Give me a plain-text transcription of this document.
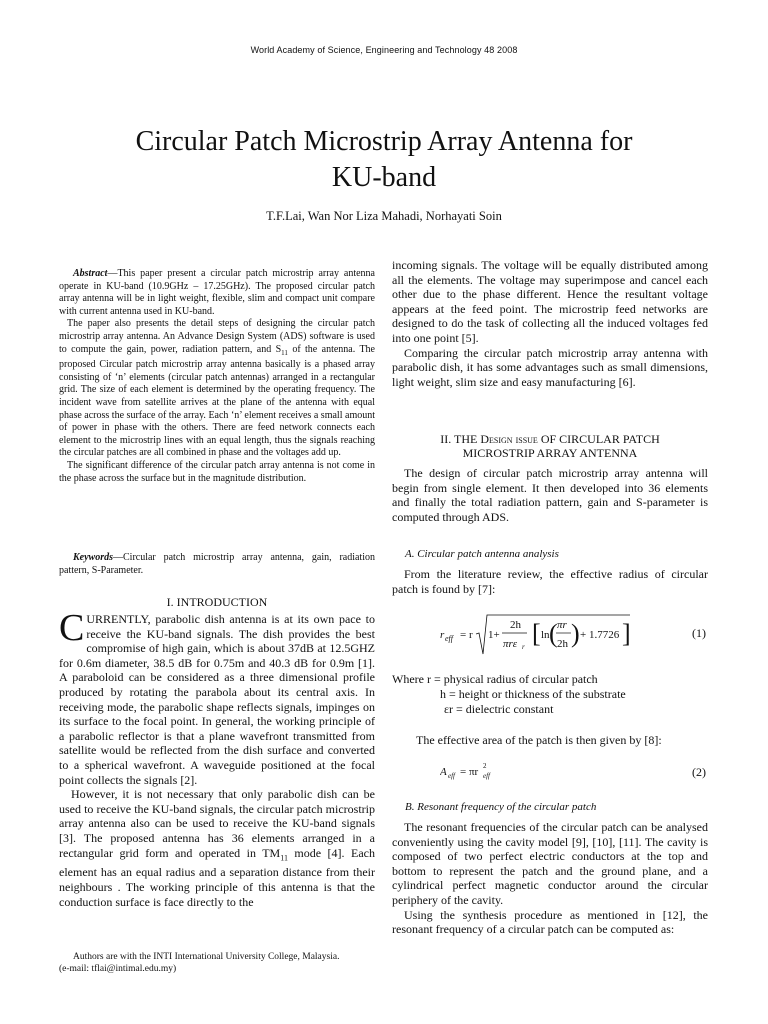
World Academy of Science, Engineering and Technology 48 2008
Circular Patch Microstrip Array Antenna for
KU-band
T.F.Lai, Wan Nor Liza Mahadi, Norhayati Soin

Abstract—This paper present a circular patch microstrip array antenna operate in KU-band (10.9GHz – 17.25GHz). The proposed circular patch array antenna will be in light weight, flexible, slim and compact unit compare with current antenna used in KU-band.

The paper also presents the detail steps of designing the circular patch microstrip array antenna. An Advance Design System (ADS) software is used to compute the gain, power, radiation pattern, and $S_{11}$ of the antenna. The proposed Circular patch microstrip array antenna basically is a phased array consisting of ‘n’ elements (circular patch antennas) arranged in a rectangular grid. The size of each element is determined by the operating frequency. The incident wave from satellite arrives at the plane of the antenna with equal phase across the surface of the array. Each ‘n’ element receives a small amount of power in phase with the others. There are feed network connects each element to the microstrip lines with an equal length, thus the signals reaching the circular patches are all combined in phase and the voltages add up.

The significant difference of the circular patch array antenna is not come in the phase across the surface but in the magnitude distribution.

Keywords—Circular patch microstrip array antenna, gain, radiation pattern, S-Parameter.

I. INTRODUCTION

CURRENTLY, parabolic dish antenna is at its own pace to receive the KU-band signals. The dish provides the best compromise of high gain, which is about 37dB at 12.5GHZ for 0.6m diameter, 38.5 dB for 0.75m and 40.3 dB for 0.9m [1]. A paraboloid can be considered as a three dimensional profile produced by rotating the parabola about its central axis. In receiving mode, the parabolic shape reflects signals, impinges on its surface to the focal point. In general, the working principle of a parabolic reflector is that a plane wavefront transmitted from satellite would be reflected from the dish surface and converted to a spherical wavefront. A waveguide positioned at the focal point collects the signals [2].

However, it is not necessary that only parabolic dish can be used to receive the KU-band signals, the circular patch microstrip array antenna also can be used to receive the KU-band signals [3]. The proposed antenna has 36 elements arranged in a rectangular grid form and operated in $TM_{11}$ mode [4]. Each element has an equal radius and a separation distance from their neighbours . The working principle of this antenna is that the conduction surface is face directly to the

Authors are with the INTI International University College, Malaysia.

(e-mail: tflai@intimal.edu.my)

incoming signals. The voltage will be equally distributed among all the elements. The voltage may superimpose and cancel each other due to the phase different. Hence the resultant voltage appears at the feed point. The microstrip feed networks are designed to do the task of collecting all the induced voltages fed into one point [5].

Comparing the circular patch microstrip array antenna with parabolic dish, it has some advantages such as small dimensions, light weight, slim size and easy manufacturing [6].

II. THE Design issue OF CIRCULAR PATCH
MICROSTRIP ARRAY ANTENNA

The design of circular patch microstrip array antenna will begin from single element. It then developed into 36 elements and finally the total radiation pattern, gain and S-parameter is computed through ADS.

A. Circular patch antenna analysis

From the literature review, the effective radius of circular patch is found by [7]:

r eff = r 1+
2h
πrε r [ ln ( πr
2h ) + 1.7726 ]	(1)
Where r = physical radius of circular patch
h = height or thickness of the substrate
εr = dielectric constant

The effective area of the patch is then given by [8]:

A eff = πr 2
eff	(2)
B. Resonant frequency of the circular patch

The resonant frequencies of the circular patch can be analysed conveniently using the cavity model [9], [10], [11]. The cavity is composed of two perfect electric conductors at the top and bottom to represent the patch and the ground plane, and a cylindrical perfect magnetic conductor around the circular periphery of the cavity.

Using the synthesis procedure as mentioned in [12], the resonant frequency of a circular patch can be computed as:
